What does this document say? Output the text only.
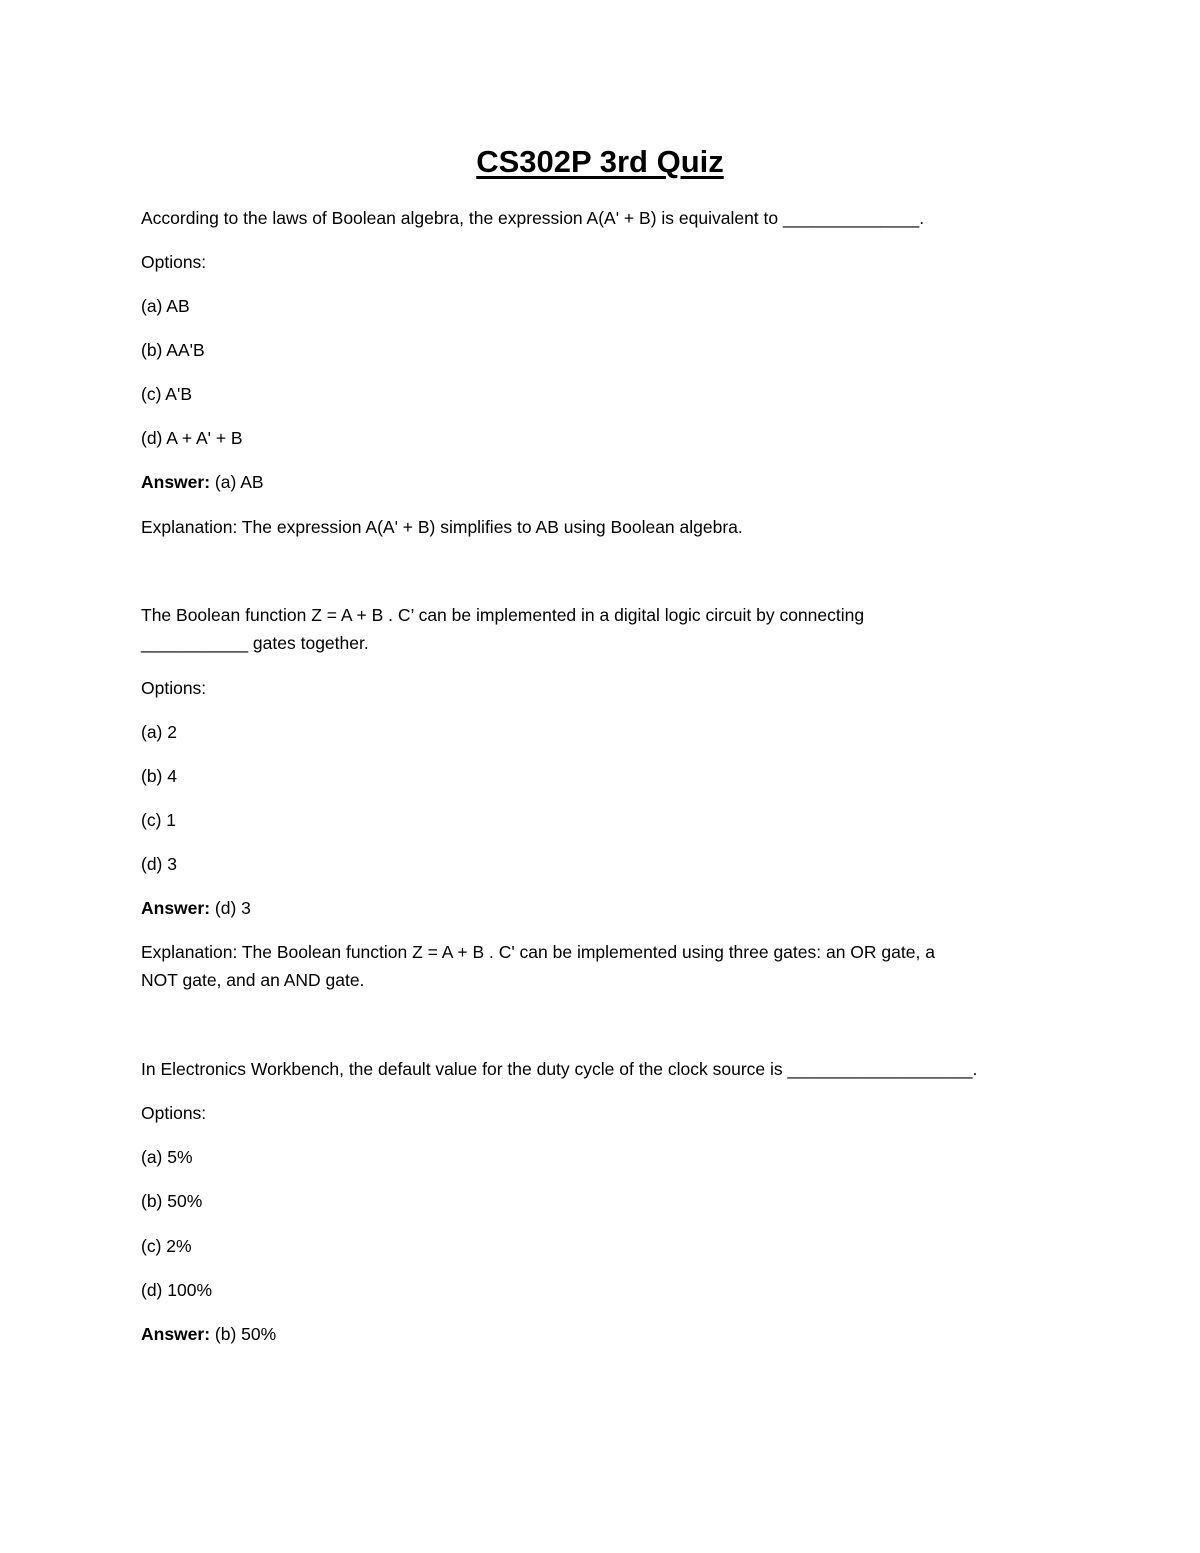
CS302P 3rd Quiz
According to the laws of Boolean algebra, the expression A(A' + B) is equivalent to ______________.
Options:
(a) AB
(b) AA'B
(c) A'B
(d) A + A' + B
Answer: (a) AB
Explanation: The expression A(A' + B) simplifies to AB using Boolean algebra.
The Boolean function Z = A + B . C’ can be implemented in a digital logic circuit by connecting
___________ gates together.
Options:
(a) 2
(b) 4
(c) 1
(d) 3
Answer: (d) 3
Explanation: The Boolean function Z = A + B . C' can be implemented using three gates: an OR gate, a
NOT gate, and an AND gate.
In Electronics Workbench, the default value for the duty cycle of the clock source is ___________________.
Options:
(a) 5%
(b) 50%
(c) 2%
(d) 100%
Answer: (b) 50%
